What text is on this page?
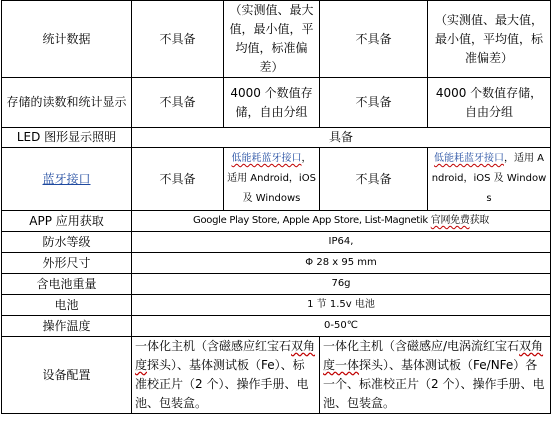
统计数据	不具备	（实测值、最大值，最小值，平均值，标准偏差）	不具备	（实测值、最大值，最小值，平均值，标准偏差）
存储的读数和统计显示	不具备	4000 个数值存储，自由分组	不具备	4000 个数值存储，自由分组
LED 图形显示照明	具备			
蓝牙接口	不具备	低能耗蓝牙接口，适用 Android，iOS 及 Windows	不具备	低能耗蓝牙接口，适用 Android，iOS 及 Windows
APP 应用获取	Google Play Store, Apple App Store, List-Magnetik 官网免费获取			
防水等级	IP64,			
外形尺寸	Φ 28 x 95 mm			
含电池重量	76g			
电池	1 节 1.5v 电池			
操作温度	0-50℃			
设备配置	一体化主机（含磁感应红宝石双角度探头）、基体测试板（Fe）、标准校正片（2 个）、操作手册、电池、包装盒。		一体化主机（含磁感应/电涡流红宝石双角度一体探头）、基体测试板（Fe/NFe）各一个、标准校正片（2 个）、操作手册、电池、包装盒。	
